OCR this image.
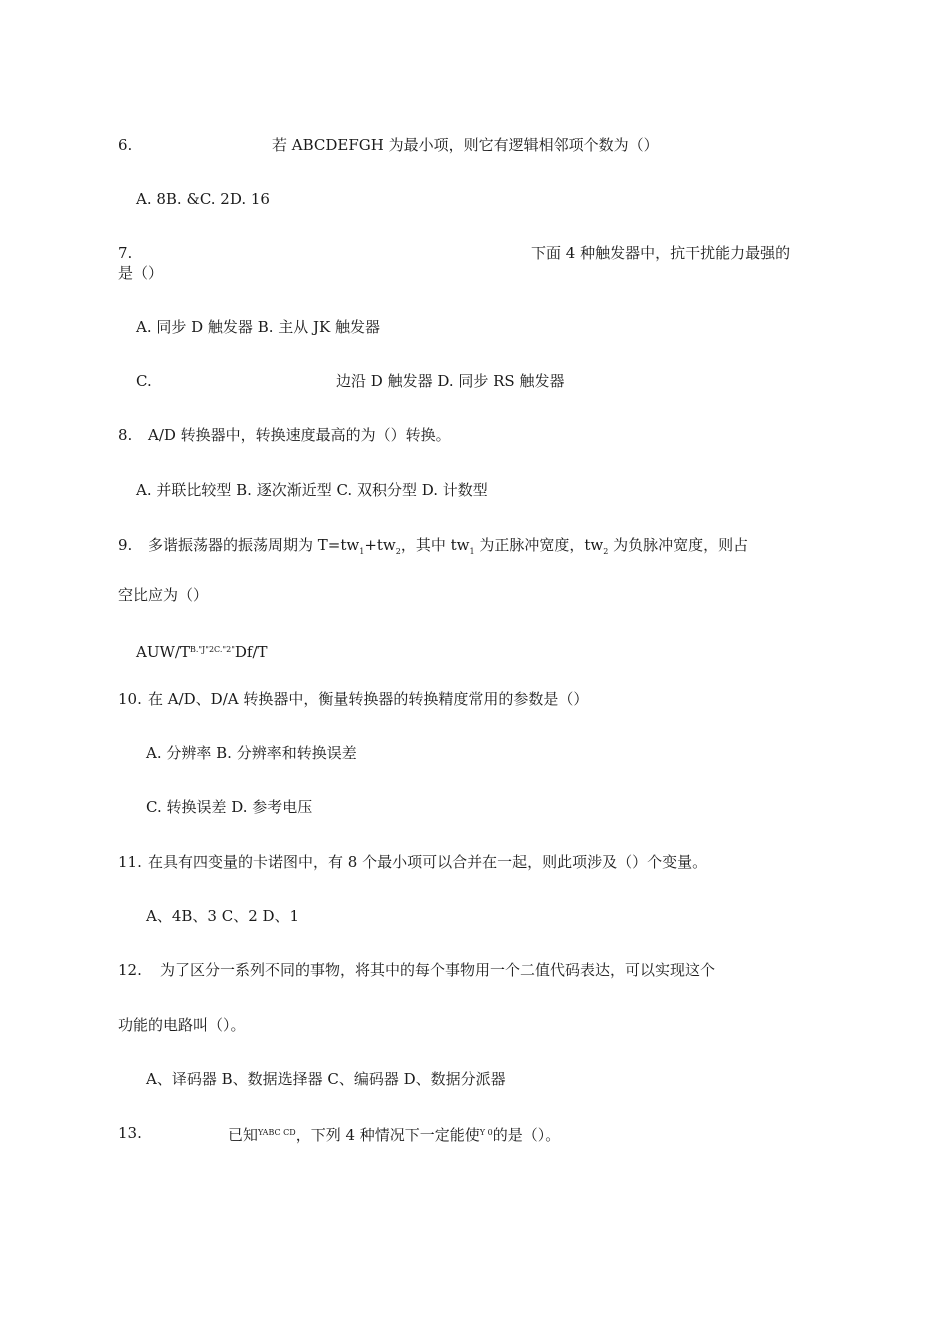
6.	若 ABCDEFGH 为最小项，则它有逻辑相邻项个数为（）
A. 8B. &C. 2D. 16
7.	下面 4 种触发器中，抗干扰能力最强的
是（）
A. 同步 D 触发器 B. 主从 JK 触发器
C.	边沿 D 触发器 D. 同步 RS 触发器
8. A/D 转换器中，转换速度最高的为（）转换。
A. 并联比较型 B. 逐次渐近型 C. 双积分型 D. 计数型
9. 多谐振荡器的振荡周期为 $T=tw_1+tw_2$，其中 $tw_1$ 为正脉冲宽度，$tw_2$ 为负脉冲宽度，则占
空比应为（）
AUW/$T^{B."J"2C."2"}Df/T$
10. 在 A/D、D/A 转换器中，衡量转换器的转换精度常用的参数是（）
A. 分辨率 B. 分辨率和转换误差
C. 转换误差 D. 参考电压
11. 在具有四变量的卡诺图中，有 8 个最小项可以合并在一起，则此项涉及（）个变量。
A、4B、3 C、2 D、1
12. 为了区分一系列不同的事物，将其中的每个事物用一个二值代码表达，可以实现这个
功能的电路叫（）。
A、译码器 B、数据选择器 C、编码器 D、数据分派器
13.	已知$^{YABC CD}$，下列 4 种情况下一定能使$^{Y 0}$的是（）。
